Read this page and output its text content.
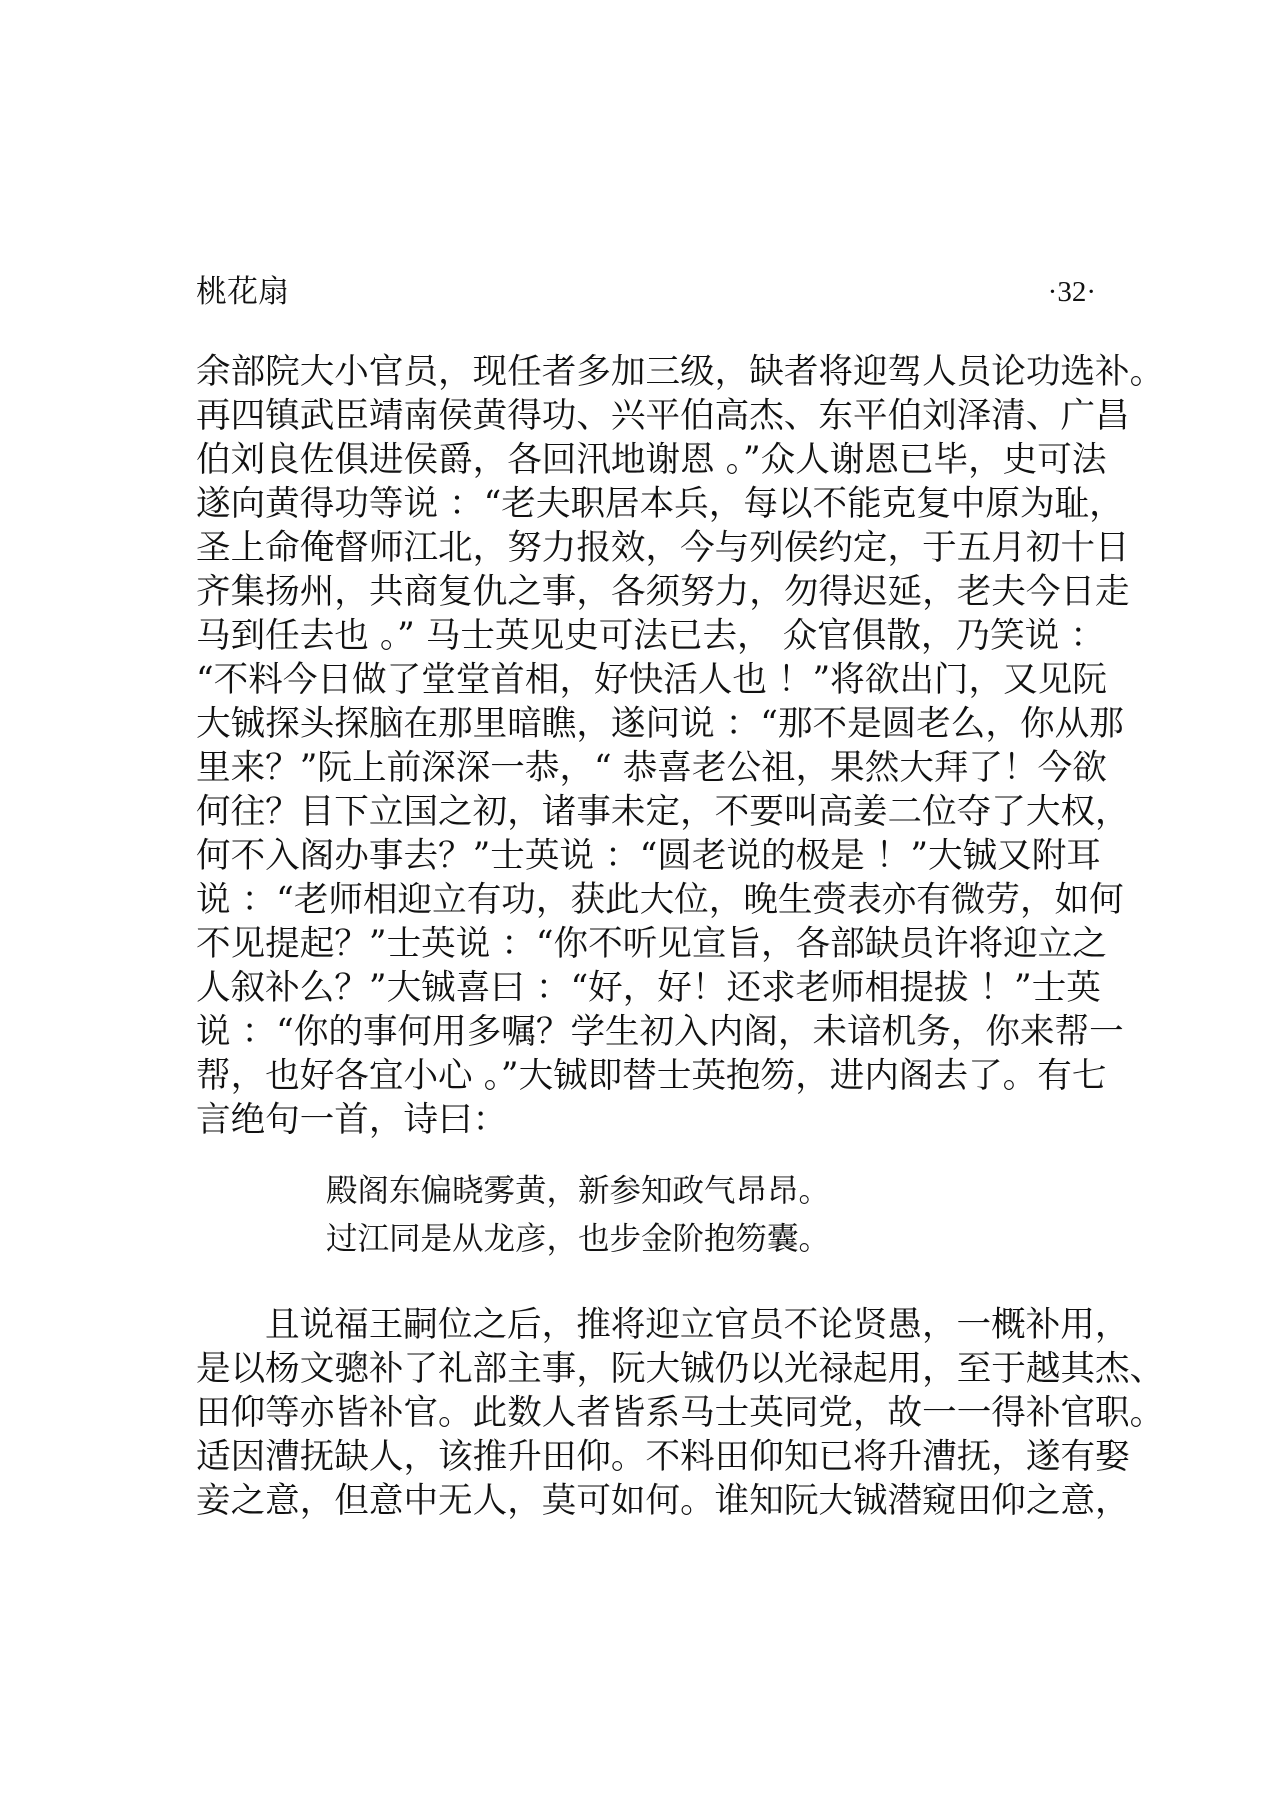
桃花扇	·32·
余部院大小官员，现任者多加三级，缺者将迎驾人员论功选补。
再四镇武臣靖南侯黄得功、兴平伯高杰、东平伯刘泽清、广昌
伯刘良佐俱进侯爵，各回汛地谢恩 。”众人谢恩已毕，史可法
遂向黄得功等说 ：“老夫职居本兵，每以不能克复中原为耻，
圣上命俺督师江北，努力报效，今与列侯约定，于五月初十日
齐集扬州，共商复仇之事，各须努力，勿得迟延，老夫今日走
马到任去也 。” 马士英见史可法已去， 众官俱散，乃笑说 ：
“不料今日做了堂堂首相，好快活人也 ！”将欲出门，又见阮
大铖探头探脑在那里暗瞧，遂问说 ：“那不是圆老么，你从那
里来？”阮上前深深一恭，“ 恭喜老公祖，果然大拜了！今欲
何往？目下立国之初，诸事未定，不要叫高姜二位夺了大权，
何不入阁办事去？”士英说 ：“圆老说的极是 ！”大铖又附耳
说 ：“老师相迎立有功，获此大位，晚生赍表亦有微劳，如何
不见提起？”士英说 ：“你不听见宣旨，各部缺员许将迎立之
人叙补么？”大铖喜曰 ：“好，好！还求老师相提拔 ！”士英
说 ：“你的事何用多嘱？学生初入内阁，未谙机务，你来帮一
帮，也好各宜小心 。”大铖即替士英抱笏，进内阁去了。有七
言绝句一首，诗曰：
殿阁东偏晓雾黄，新参知政气昂昂。
过江同是从龙彦，也步金阶抱笏囊。
且说福王嗣位之后，推将迎立官员不论贤愚，一概补用，
是以杨文骢补了礼部主事，阮大铖仍以光禄起用，至于越其杰、
田仰等亦皆补官。此数人者皆系马士英同党，故一一得补官职。
适因漕抚缺人，该推升田仰。不料田仰知已将升漕抚，遂有娶
妾之意，但意中无人，莫可如何。谁知阮大铖潜窥田仰之意，
